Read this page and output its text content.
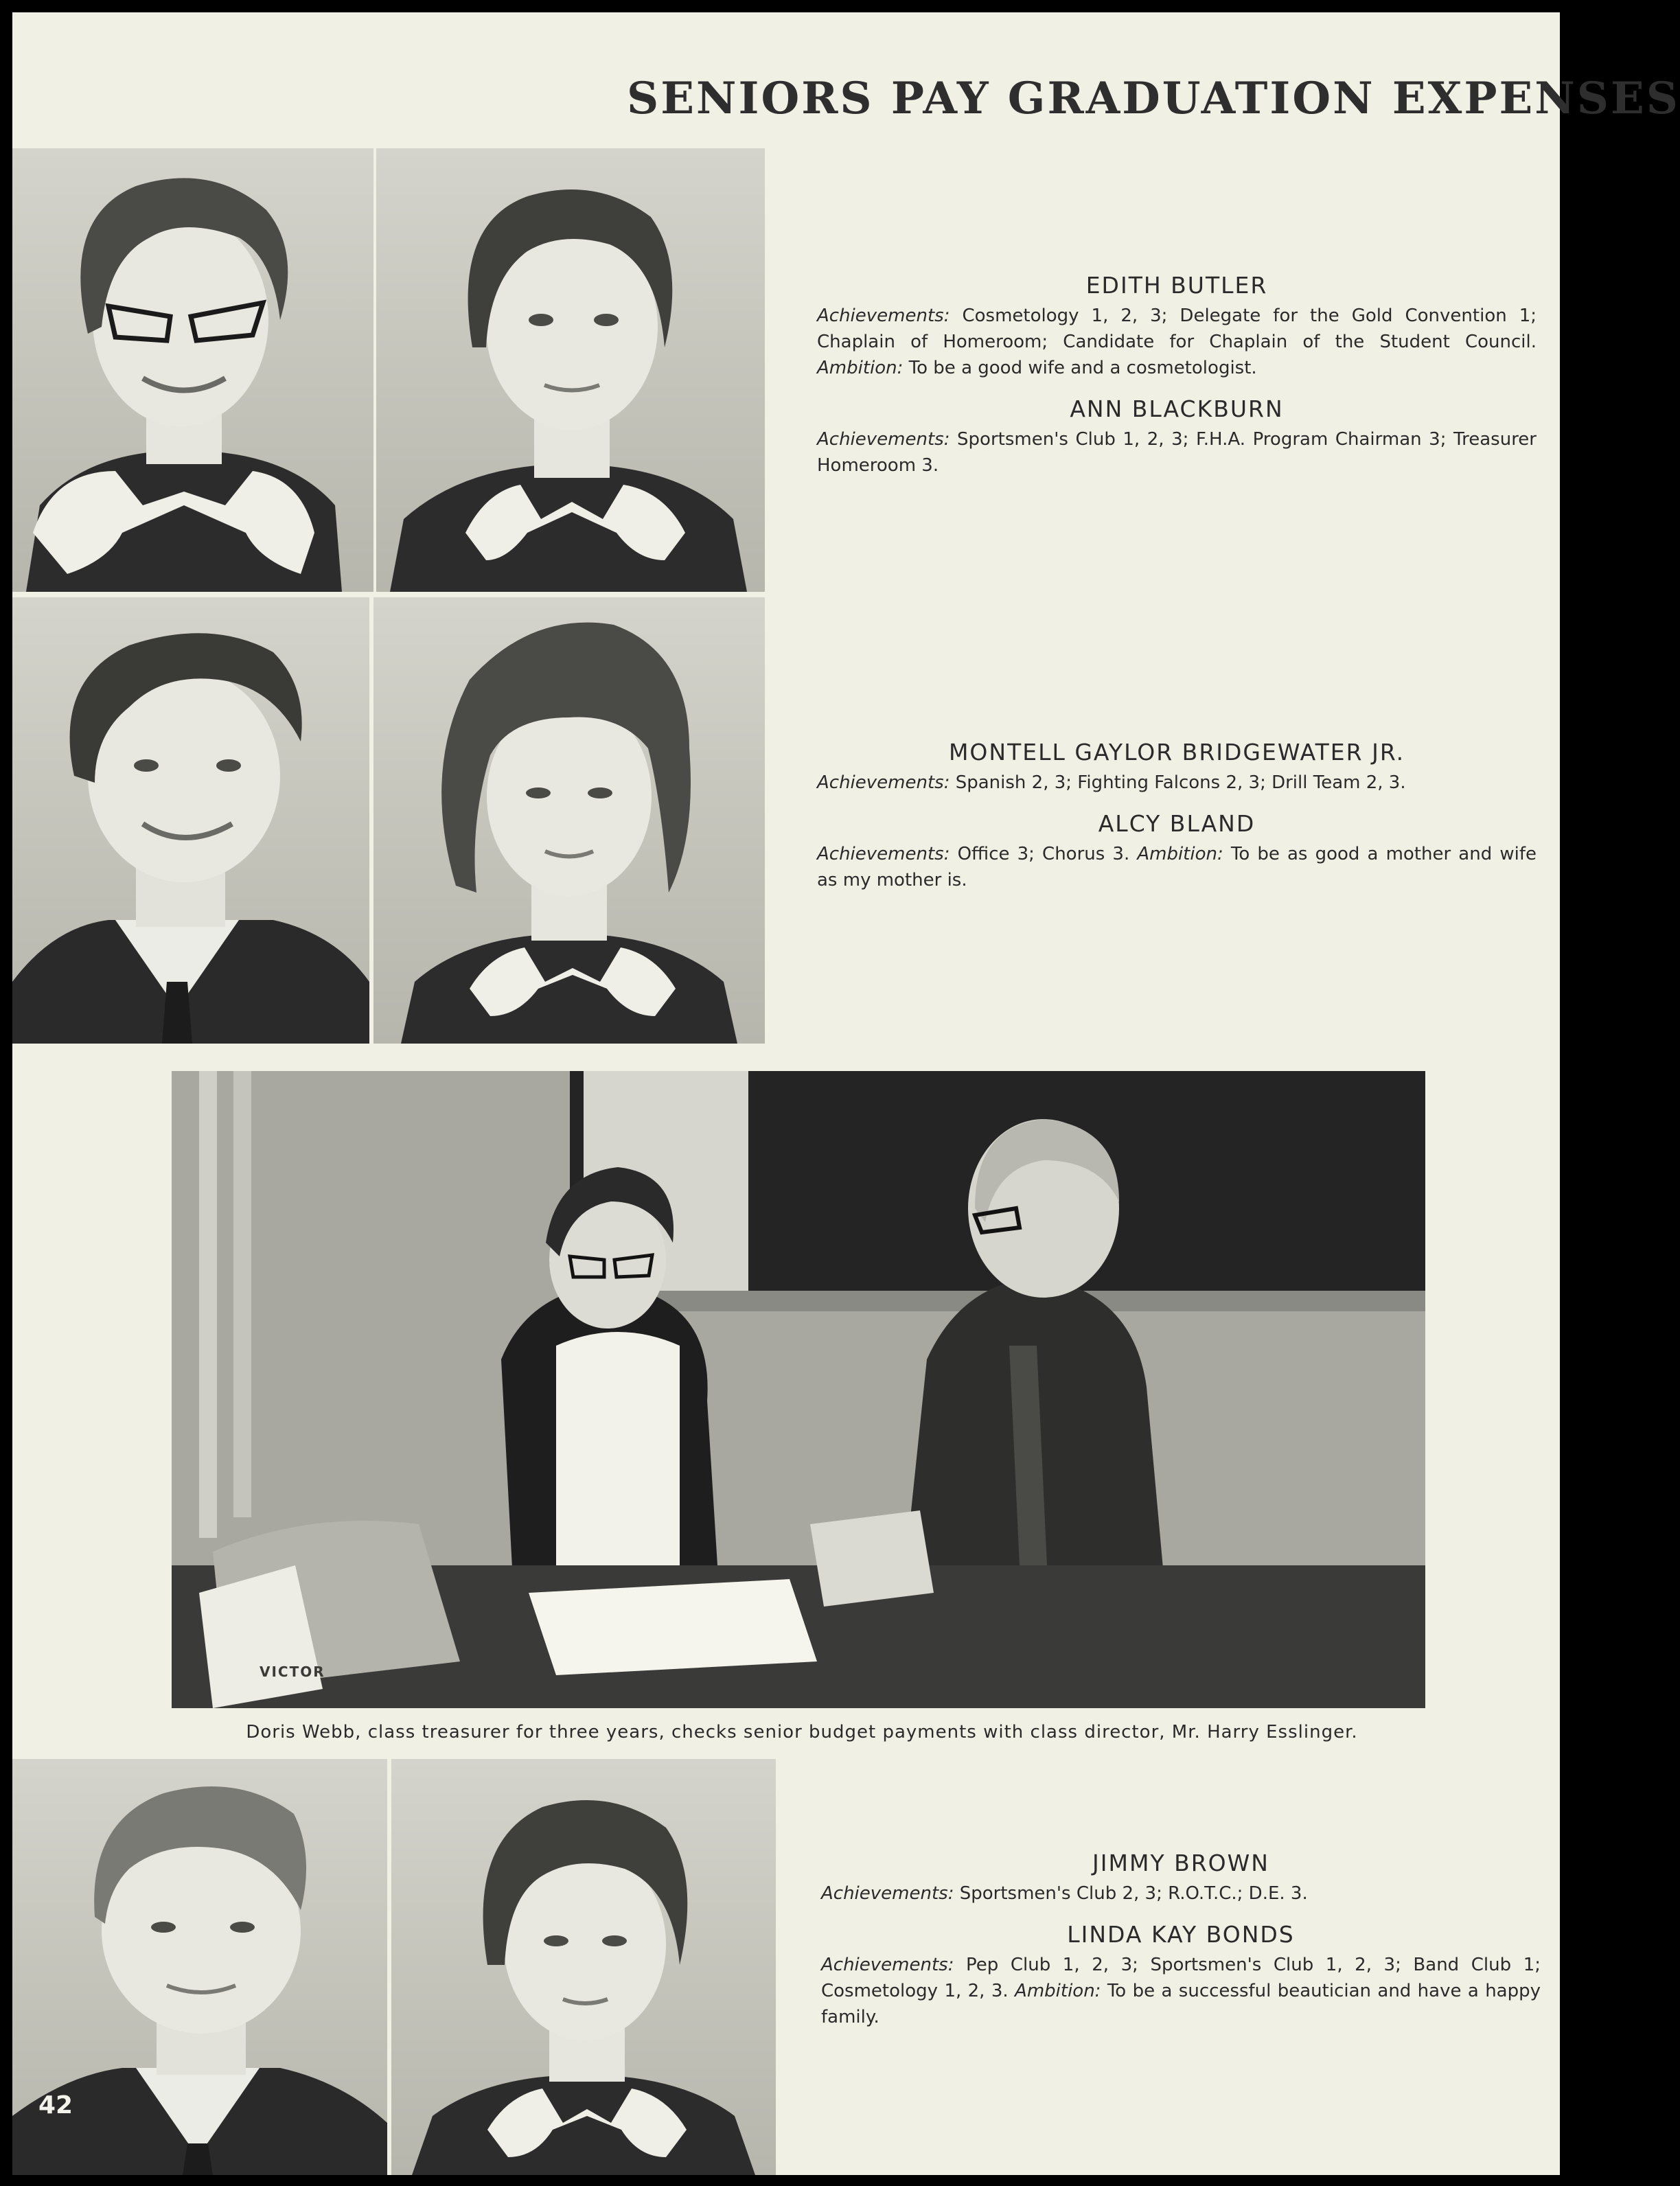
SENIORS PAY GRADUATION EXPENSES
EDITH BUTLER

Achievements: Cosmetology 1, 2, 3; Delegate for the Gold Convention 1; Chaplain of Homeroom; Candidate for Chaplain of the Student Council. Ambition: To be a good wife and a cosmetologist.

ANN BLACKBURN

Achievements: Sportsmen's Club 1, 2, 3; F.H.A. Program Chairman 3; Treasurer Homeroom 3.

MONTELL GAYLOR BRIDGEWATER JR.

Achievements: Spanish 2, 3; Fighting Falcons 2, 3; Drill Team 2, 3.

ALCY BLAND

Achievements: Office 3; Chorus 3. Ambition: To be as good a mother and wife as my mother is.

Doris Webb, class treasurer for three years, checks senior budget payments with class director, Mr. Harry Esslinger.
JIMMY BROWN

Achievements: Sportsmen's Club 2, 3; R.O.T.C.; D.E. 3.

LINDA KAY BONDS

Achievements: Pep Club 1, 2, 3; Sportsmen's Club 1, 2, 3; Band Club 1; Cosmetology 1, 2, 3. Ambition: To be a successful beautician and have a happy family.

42
VICTOR
